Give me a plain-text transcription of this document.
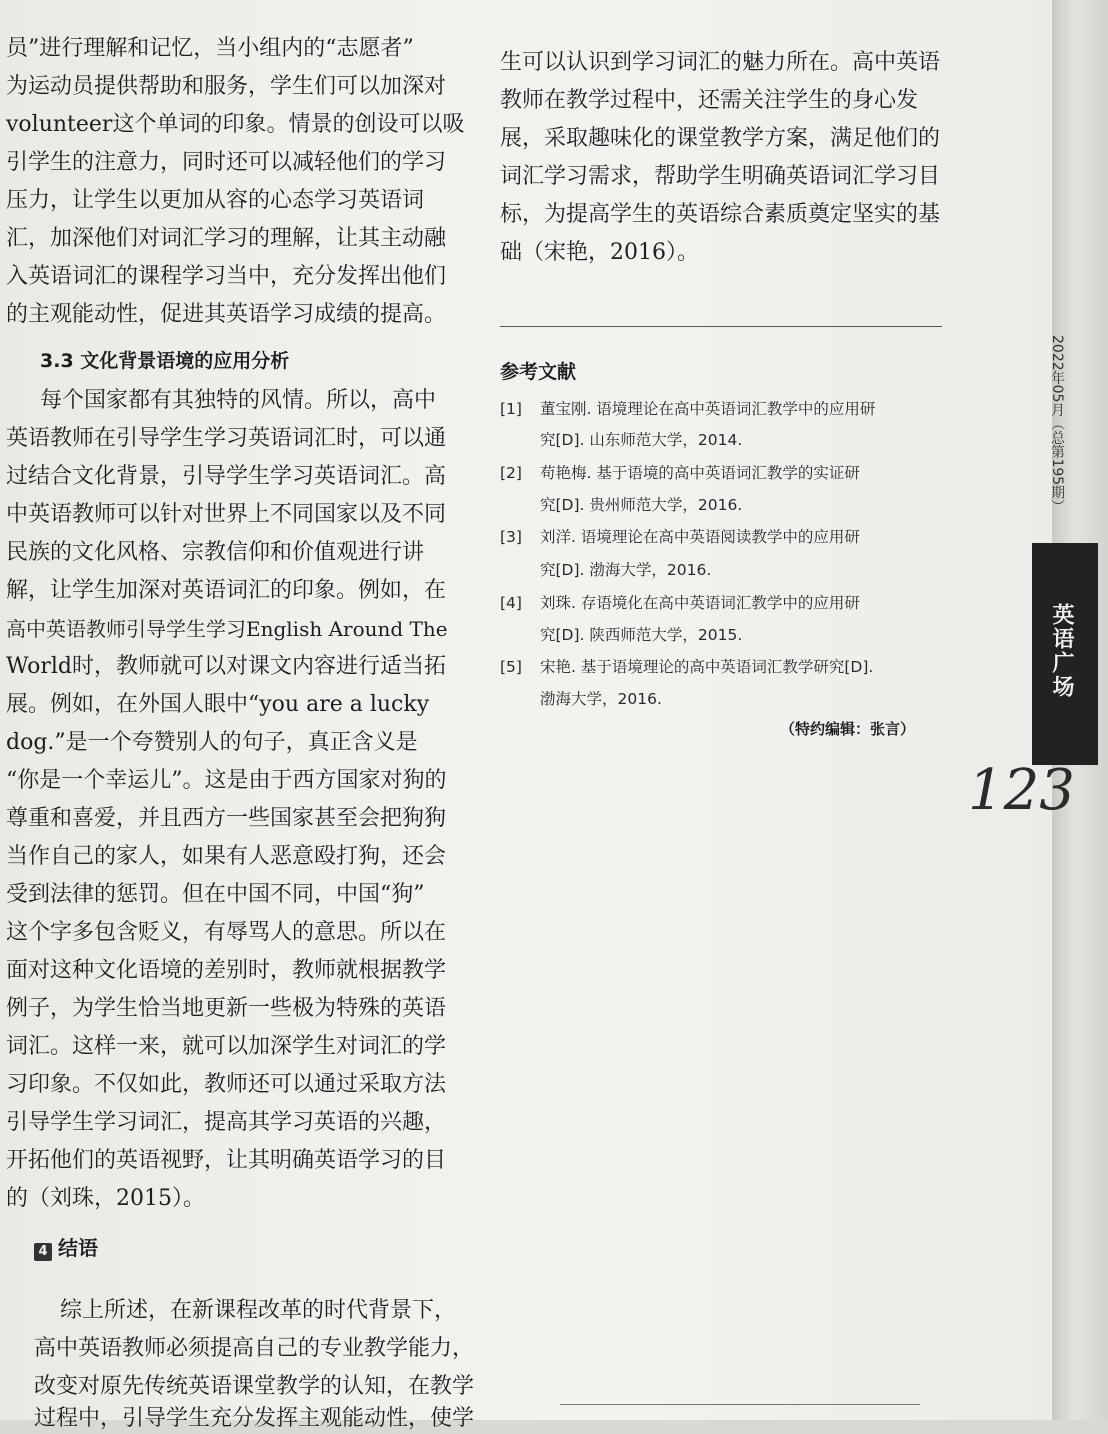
员”进行理解和记忆，当小组内的“志愿者”
为运动员提供帮助和服务，学生们可以加深对
volunteer这个单词的印象。情景的创设可以吸
引学生的注意力，同时还可以减轻他们的学习
压力，让学生以更加从容的心态学习英语词
汇，加深他们对词汇学习的理解，让其主动融
入英语词汇的课程学习当中，充分发挥出他们
的主观能动性，促进其英语学习成绩的提高。
3.3 文化背景语境的应用分析
每个国家都有其独特的风情。所以，高中
英语教师在引导学生学习英语词汇时，可以通
过结合文化背景，引导学生学习英语词汇。高
中英语教师可以针对世界上不同国家以及不同
民族的文化风格、宗教信仰和价值观进行讲
解，让学生加深对英语词汇的印象。例如，在
高中英语教师引导学生学习English Around The
World时，教师就可以对课文内容进行适当拓
展。例如，在外国人眼中“you are a lucky
dog.”是一个夸赞别人的句子，真正含义是
“你是一个幸运儿”。这是由于西方国家对狗的
尊重和喜爱，并且西方一些国家甚至会把狗狗
当作自己的家人，如果有人恶意殴打狗，还会
受到法律的惩罚。但在中国不同，中国“狗”
这个字多包含贬义，有辱骂人的意思。所以在
面对这种文化语境的差别时，教师就根据教学
例子，为学生恰当地更新一些极为特殊的英语
词汇。这样一来，就可以加深学生对词汇的学
习印象。不仅如此，教师还可以通过采取方法
引导学生学习词汇，提高其学习英语的兴趣，
开拓他们的英语视野，让其明确英语学习的目
的（刘珠，2015）。
4 结语
综上所述，在新课程改革的时代背景下，
高中英语教师必须提高自己的专业教学能力，
改变对原先传统英语课堂教学的认知，在教学
过程中，引导学生充分发挥主观能动性，使学
生可以认识到学习词汇的魅力所在。高中英语
教师在教学过程中，还需关注学生的身心发
展，采取趣味化的课堂教学方案，满足他们的
词汇学习需求，帮助学生明确英语词汇学习目
标，为提高学生的英语综合素质奠定坚实的基
础（宋艳，2016）。
参考文献
[1] 董宝刚. 语境理论在高中英语词汇教学中的应用研
究[D]. 山东师范大学，2014.
[2] 苟艳梅. 基于语境的高中英语词汇教学的实证研
究[D]. 贵州师范大学，2016.
[3] 刘洋. 语境理论在高中英语阅读教学中的应用研
究[D]. 渤海大学，2016.
[4] 刘珠. 存语境化在高中英语词汇教学中的应用研
究[D]. 陕西师范大学，2015.
[5] 宋艳. 基于语境理论的高中英语词汇教学研究[D].
渤海大学，2016.
（特约编辑：张言）
2022年05月（总第195期）
英语广场
123
